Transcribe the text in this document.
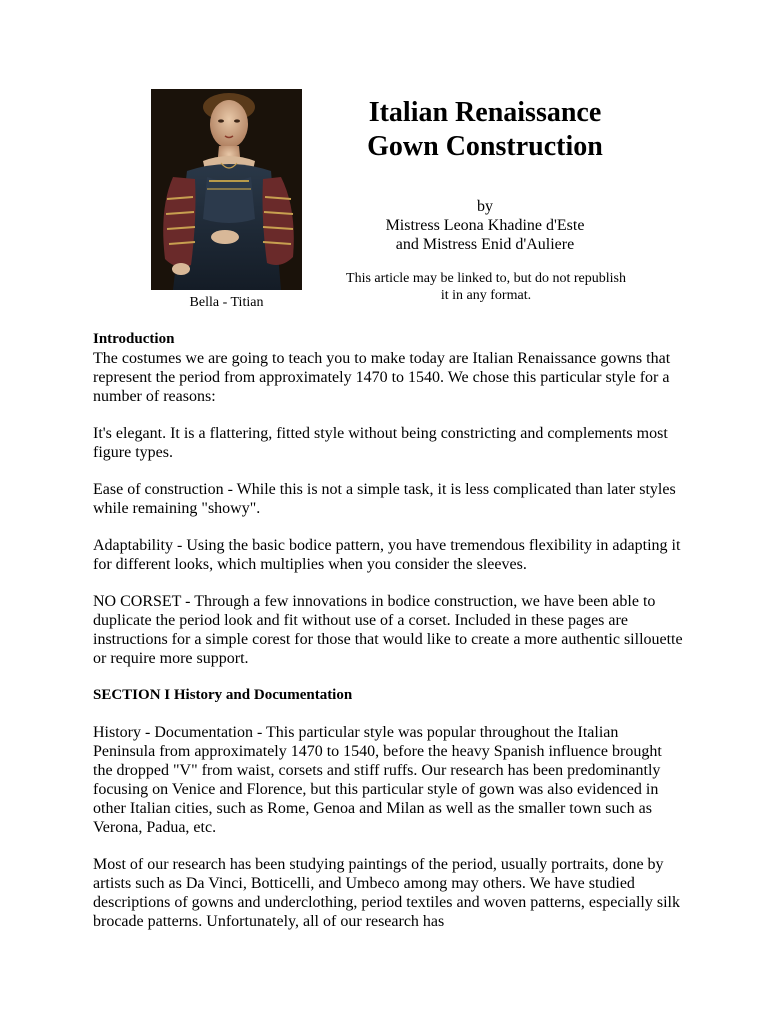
Bella - Titian
Italian Renaissance
Gown Construction
by
Mistress Leona Khadine d'Este
and Mistress Enid d'Auliere
This article may be linked to, but do not republish
it in any format.
Introduction

The costumes we are going to teach you to make today are Italian Renaissance gowns that represent the period from approximately 1470 to 1540. We chose this particular style for a number of reasons:

It's elegant. It is a flattering, fitted style without being constricting and complements most figure types.

Ease of construction - While this is not a simple task, it is less complicated than later styles while remaining "showy".

Adaptability - Using the basic bodice pattern, you have tremendous flexibility in adapting it for different looks, which multiplies when you consider the sleeves.

NO CORSET - Through a few innovations in bodice construction, we have been able to duplicate the period look and fit without use of a corset. Included in these pages are instructions for a simple corest for those that would like to create a more authentic sillouette or require more support.

SECTION I History and Documentation

History - Documentation - This particular style was popular throughout the Italian Peninsula from approximately 1470 to 1540, before the heavy Spanish influence brought the dropped "V" from waist, corsets and stiff ruffs. Our research has been predominantly focusing on Venice and Florence, but this particular style of gown was also evidenced in other Italian cities, such as Rome, Genoa and Milan as well as the smaller town such as Verona, Padua, etc.

Most of our research has been studying paintings of the period, usually portraits, done by artists such as Da Vinci, Botticelli, and Umbeco among may others. We have studied descriptions of gowns and underclothing, period textiles and woven patterns, especially silk brocade patterns. Unfortunately, all of our research has
